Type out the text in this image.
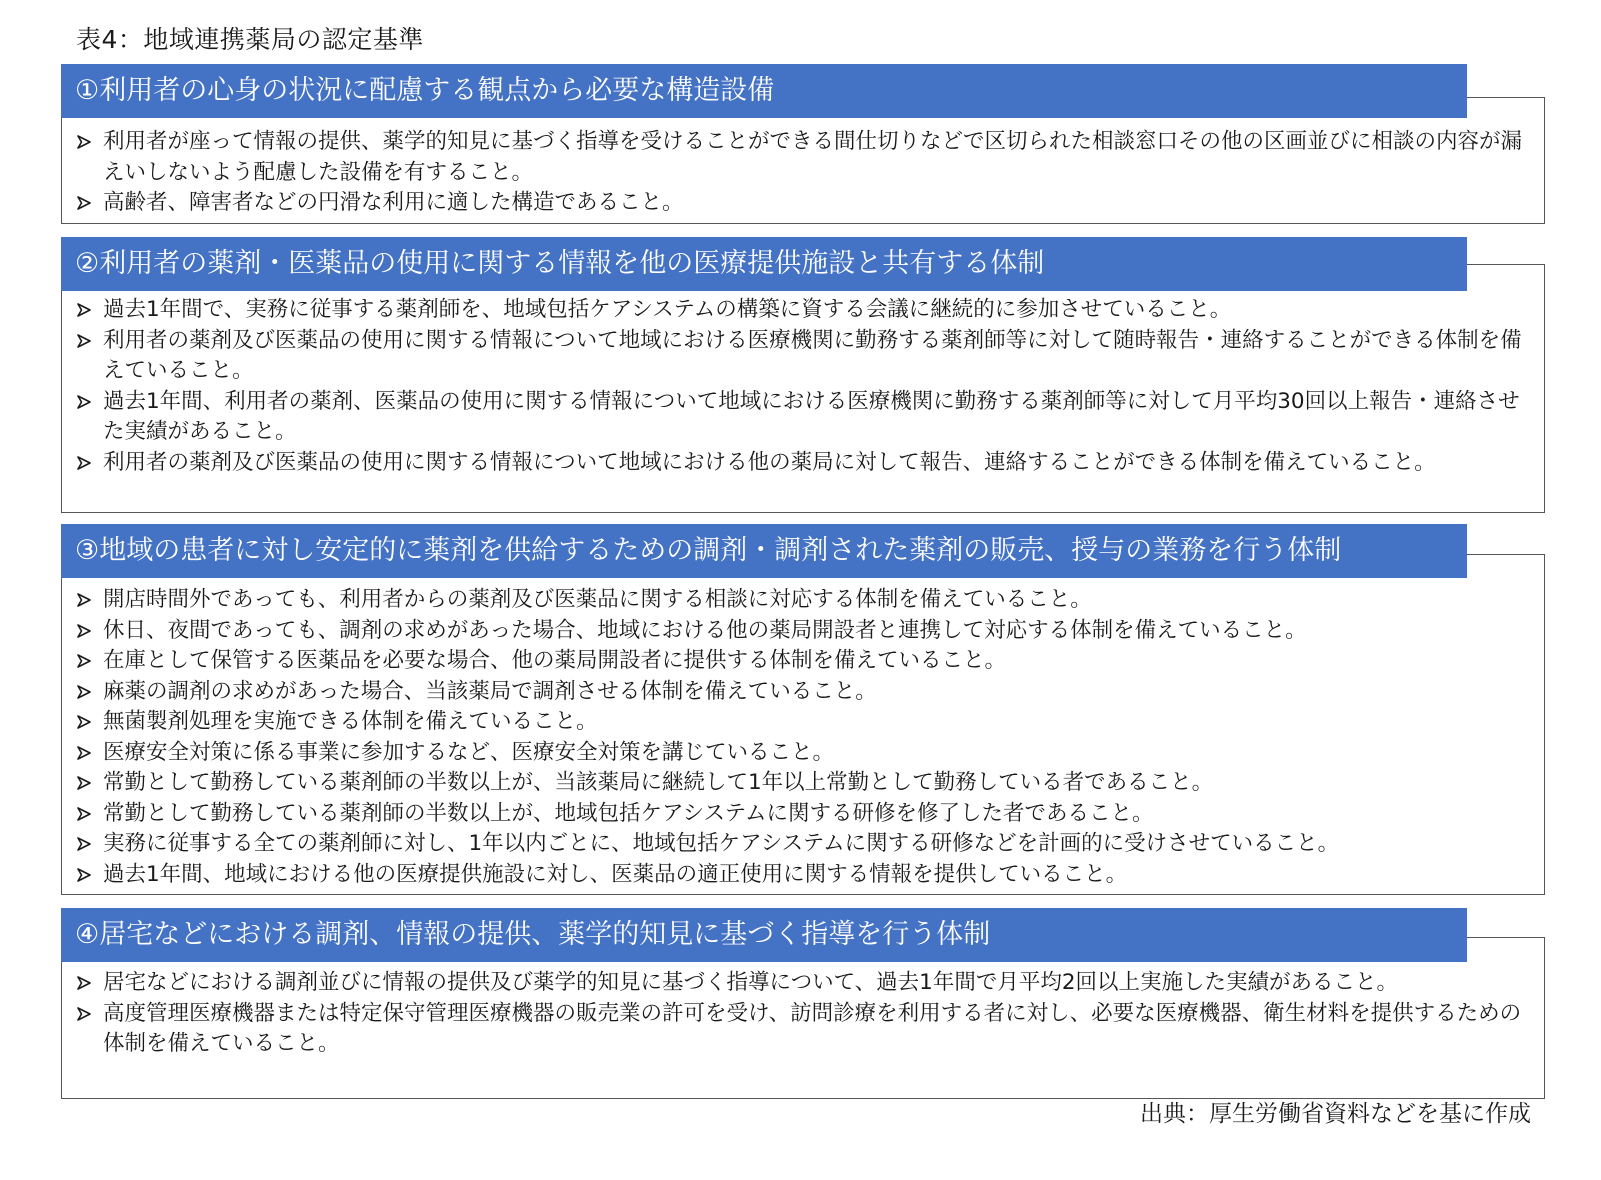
表4：地域連携薬局の認定基準
①利用者の心身の状況に配慮する観点から必要な構造設備
利用者が座って情報の提供、薬学的知見に基づく指導を受けることができる間仕切りなどで区切られた相談窓口その他の区画並びに相談の内容が漏えいしないよう配慮した設備を有すること。
高齢者、障害者などの円滑な利用に適した構造であること。
②利用者の薬剤・医薬品の使用に関する情報を他の医療提供施設と共有する体制
過去1年間で、実務に従事する薬剤師を、地域包括ケアシステムの構築に資する会議に継続的に参加させていること。
利用者の薬剤及び医薬品の使用に関する情報について地域における医療機関に勤務する薬剤師等に対して随時報告・連絡することができる体制を備えていること。
過去1年間、利用者の薬剤、医薬品の使用に関する情報について地域における医療機関に勤務する薬剤師等に対して月平均30回以上報告・連絡させた実績があること。
利用者の薬剤及び医薬品の使用に関する情報について地域における他の薬局に対して報告、連絡することができる体制を備えていること。
③地域の患者に対し安定的に薬剤を供給するための調剤・調剤された薬剤の販売、授与の業務を行う体制
開店時間外であっても、利用者からの薬剤及び医薬品に関する相談に対応する体制を備えていること。
休日、夜間であっても、調剤の求めがあった場合、地域における他の薬局開設者と連携して対応する体制を備えていること。
在庫として保管する医薬品を必要な場合、他の薬局開設者に提供する体制を備えていること。
麻薬の調剤の求めがあった場合、当該薬局で調剤させる体制を備えていること。
無菌製剤処理を実施できる体制を備えていること。
医療安全対策に係る事業に参加するなど、医療安全対策を講じていること。
常勤として勤務している薬剤師の半数以上が、当該薬局に継続して1年以上常勤として勤務している者であること。
常勤として勤務している薬剤師の半数以上が、地域包括ケアシステムに関する研修を修了した者であること。
実務に従事する全ての薬剤師に対し、1年以内ごとに、地域包括ケアシステムに関する研修などを計画的に受けさせていること。
過去1年間、地域における他の医療提供施設に対し、医薬品の適正使用に関する情報を提供していること。
④居宅などにおける調剤、情報の提供、薬学的知見に基づく指導を行う体制
居宅などにおける調剤並びに情報の提供及び薬学的知見に基づく指導について、過去1年間で月平均2回以上実施した実績があること。
高度管理医療機器または特定保守管理医療機器の販売業の許可を受け、訪問診療を利用する者に対し、必要な医療機器、衛生材料を提供するための体制を備えていること。
出典：厚生労働省資料などを基に作成
